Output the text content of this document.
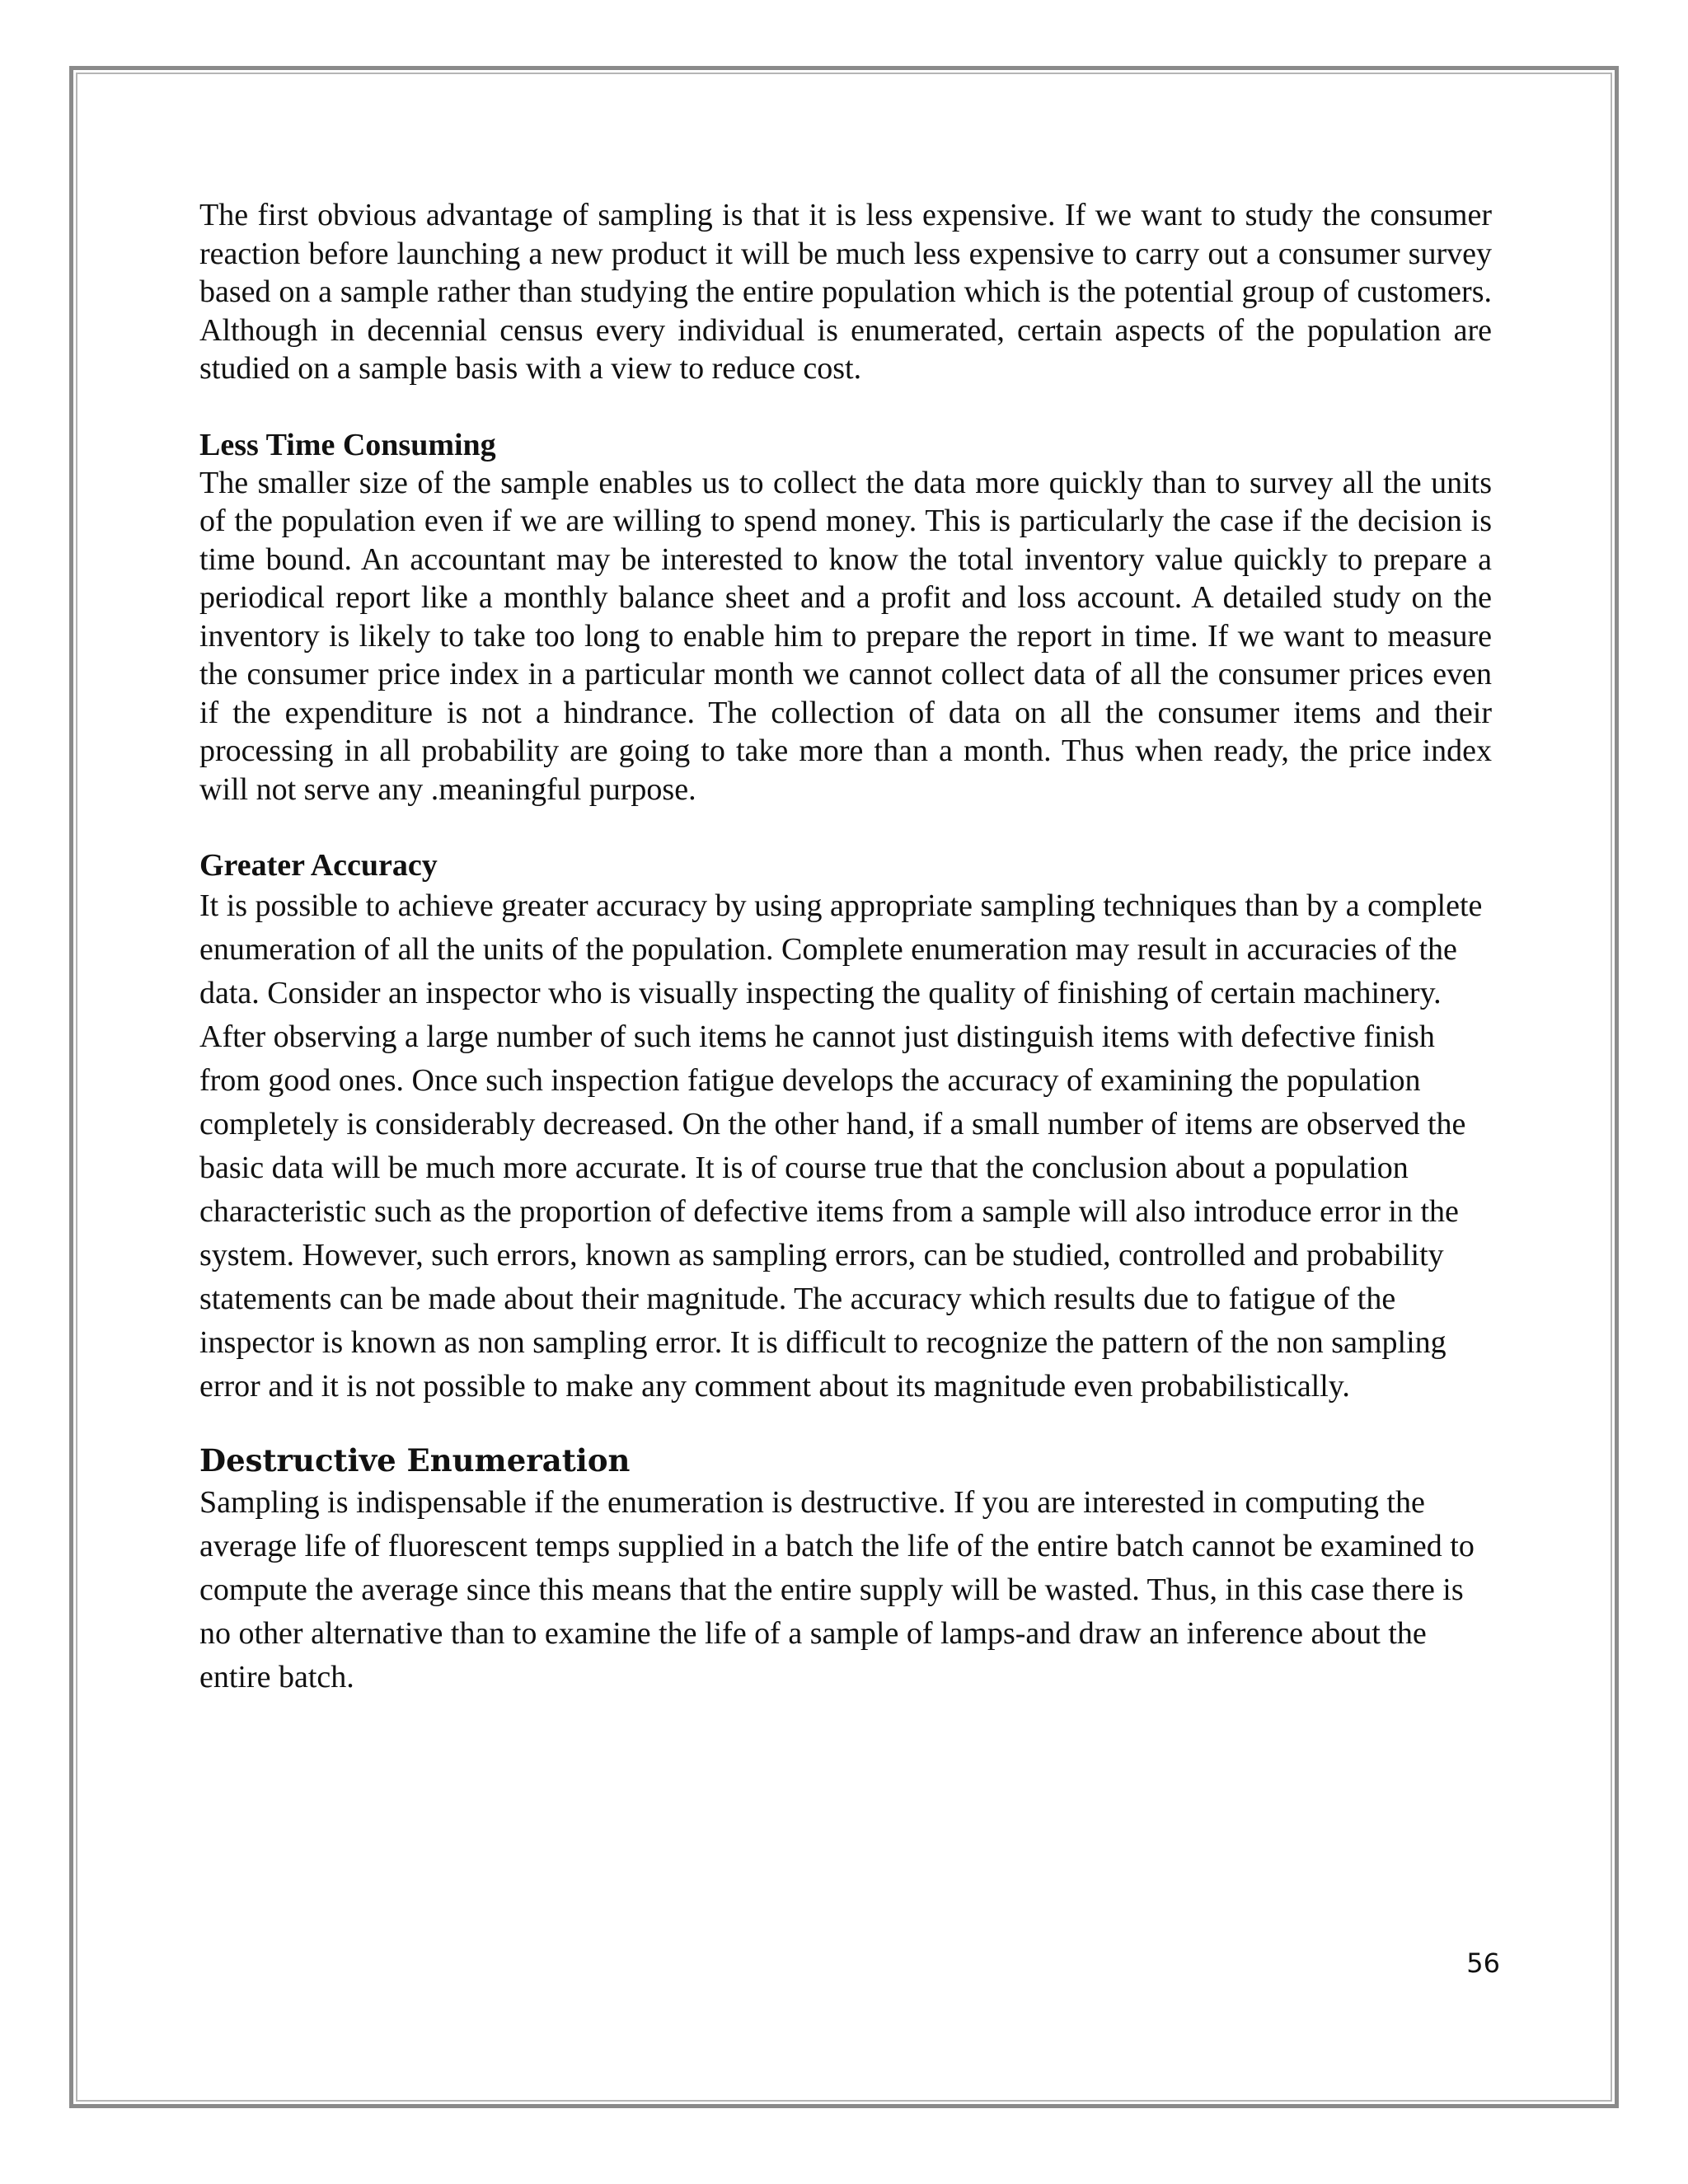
The first obvious advantage of sampling is that it is less expensive. If we want to study the consumer reaction before launching a new product it will be much less expensive to carry out a consumer survey based on a sample rather than studying the entire population which is the potential group of customers. Although in decennial census every individual is enumerated, certain aspects of the population are studied on a sample basis with a view to reduce cost.

Less Time Consuming

The smaller size of the sample enables us to collect the data more quickly than to survey all the units of the population even if we are willing to spend money. This is particularly the case if the decision is time bound. An accountant may be interested to know the total inventory value quickly to prepare a periodical report like a monthly balance sheet and a profit and loss account. A detailed study on the inventory is likely to take too long to enable him to prepare the report in time. If we want to measure the consumer price index in a particular month we cannot collect data of all the consumer prices even if the expenditure is not a hindrance. The collection of data on all the consumer items and their processing in all probability are going to take more than a month. Thus when ready, the price index will not serve any .meaningful purpose.

Greater Accuracy

It is possible to achieve greater accuracy by using appropriate sampling techniques than by a complete enumeration of all the units of the population. Complete enumeration may result in accuracies of the data. Consider an inspector who is visually inspecting the quality of finishing of certain machinery. After observing a large number of such items he cannot just distinguish items with defective finish from good ones. Once such inspection fatigue develops the accuracy of examining the population completely is considerably decreased. On the other hand, if a small number of items are observed the basic data will be much more accurate. It is of course true that the conclusion about a population characteristic such as the proportion of defective items from a sample will also introduce error in the system. However, such errors, known as sampling errors, can be studied, controlled and probability statements can be made about their magnitude. The accuracy which results due to fatigue of the inspector is known as non sampling error. It is difficult to recognize the pattern of the non sampling error and it is not possible to make any comment about its magnitude even probabilistically.

Destructive Enumeration

Sampling is indispensable if the enumeration is destructive. If you are interested in computing the average life of fluorescent temps supplied in a batch the life of the entire batch cannot be examined to compute the average since this means that the entire supply will be wasted. Thus, in this case there is no other alternative than to examine the life of a sample of lamps-and draw an inference about the entire batch.

56
